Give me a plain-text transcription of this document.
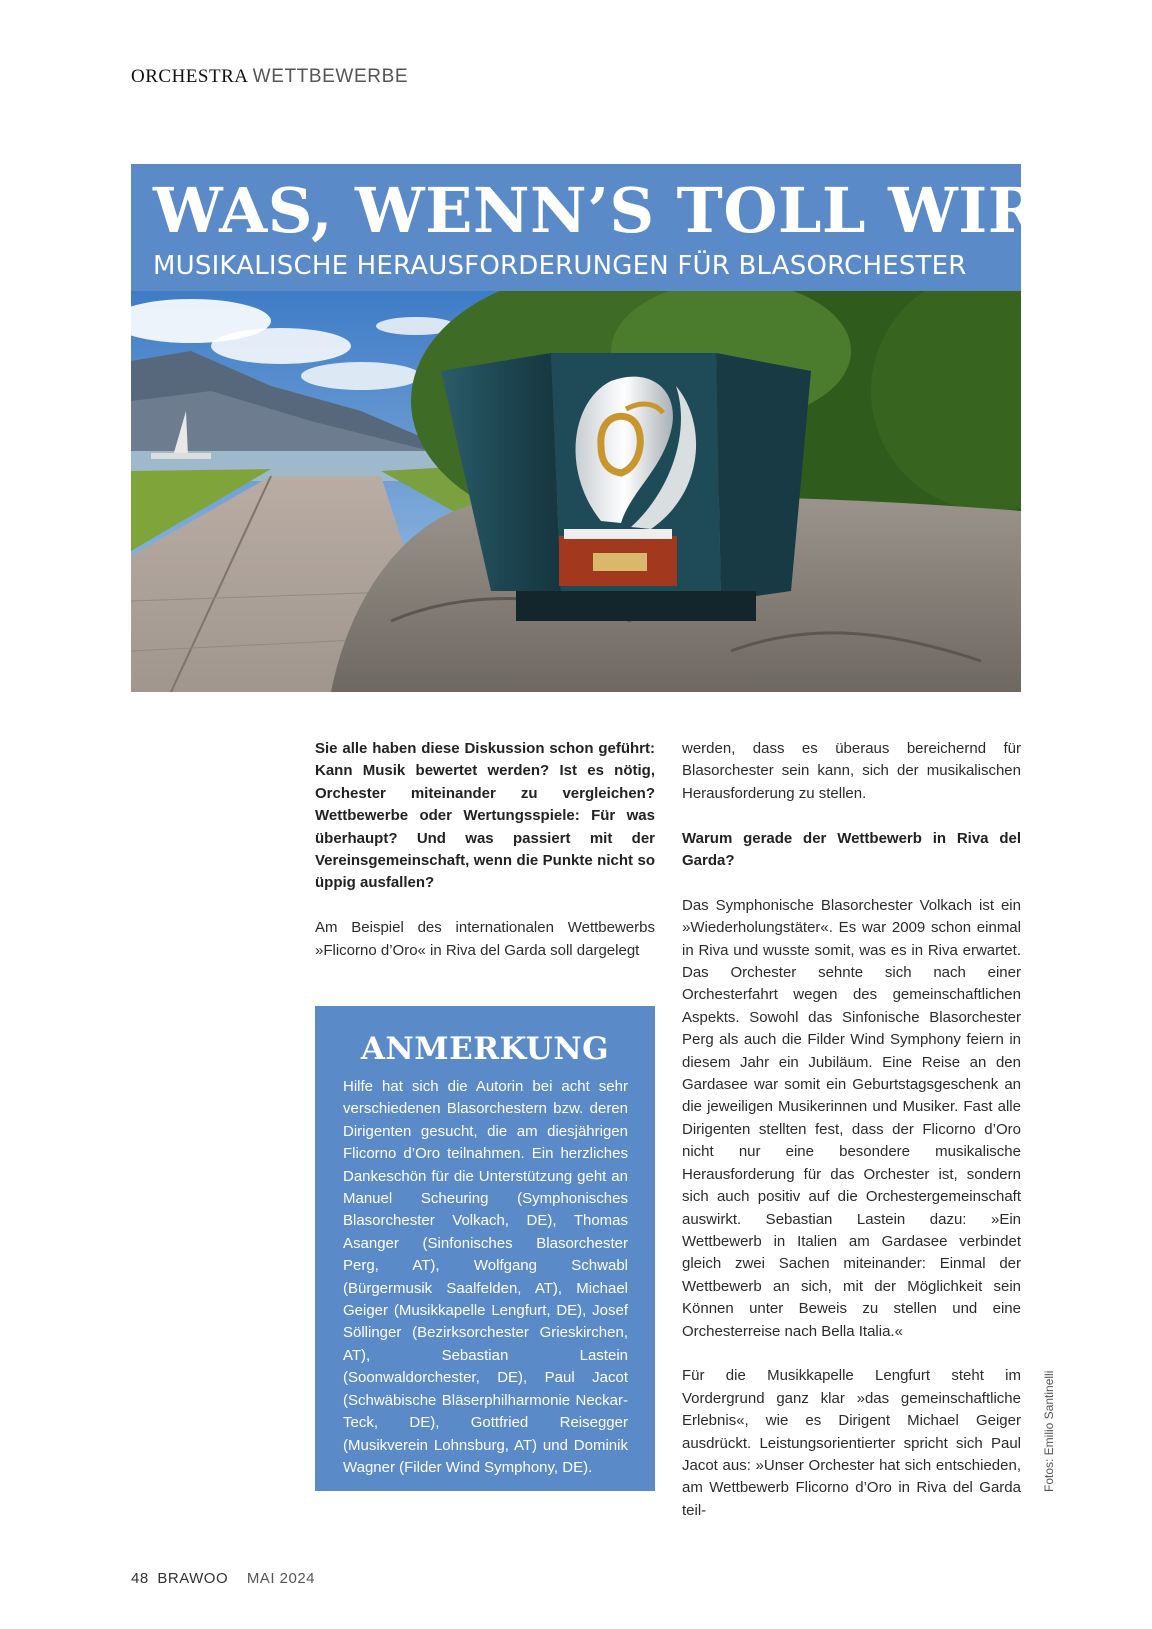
ORCHESTRA WETTBEWERBE
WAS, WENN’S TOLL WIRD?
MUSIKALISCHE HERAUSFORDERUNGEN FÜR BLASORCHESTER

Sie alle haben diese Diskussion schon geführt: Kann Musik bewertet werden? Ist es nötig, Orchester miteinander zu vergleichen? Wettbewerbe oder Wertungsspiele: Für was überhaupt? Und was passiert mit der Vereinsgemeinschaft, wenn die Punkte nicht so üppig ausfallen?

Am Beispiel des internationalen Wettbewerbs »Flicorno d’Oro« in Riva del Garda soll dargelegt

ANMERKUNG

Hilfe hat sich die Autorin bei acht sehr verschiedenen Blasorchestern bzw. deren Dirigenten gesucht, die am diesjährigen Flicorno d’Oro teilnahmen. Ein herzliches Dankeschön für die Unterstützung geht an Manuel Scheuring (Symphonisches Blasorchester Volkach, DE), Thomas Asanger (Sinfonisches Blasorchester Perg, AT), Wolfgang Schwabl (Bürgermusik Saalfelden, AT), Michael Geiger (Musikkapelle Lengfurt, DE), Josef Söllinger (Bezirksorchester Grieskirchen, AT), Sebastian Lastein (Soonwaldorchester, DE), Paul Jacot (Schwäbische Bläserphilharmonie Neckar-Teck, DE), Gottfried Reisegger (Musikverein Lohnsburg, AT) und Dominik Wagner (Filder Wind Symphony, DE).

werden, dass es überaus bereichernd für Blasorchester sein kann, sich der musikalischen Herausforderung zu stellen.

Warum gerade der Wettbewerb in Riva del Garda?

Das Symphonische Blasorchester Volkach ist ein »Wiederholungstäter«. Es war 2009 schon einmal in Riva und wusste somit, was es in Riva erwartet. Das Orchester sehnte sich nach einer Orchesterfahrt wegen des gemeinschaftlichen Aspekts. Sowohl das Sinfonische Blasorchester Perg als auch die Filder Wind Symphony feiern in diesem Jahr ein Jubiläum. Eine Reise an den Gardasee war somit ein Geburtstagsgeschenk an die jeweiligen Musikerinnen und Musiker. Fast alle Dirigenten stellten fest, dass der Flicorno d’Oro nicht nur eine besondere musikalische Herausforderung für das Orchester ist, sondern sich auch positiv auf die Orchestergemeinschaft auswirkt. Sebastian Lastein dazu: »Ein Wettbewerb in Italien am Gardasee verbindet gleich zwei Sachen miteinander: Einmal der Wettbewerb an sich, mit der Möglichkeit sein Können unter Beweis zu stellen und eine Orchesterreise nach Bella Italia.«

Für die Musikkapelle Lengfurt steht im Vordergrund ganz klar »das gemeinschaftliche Erlebnis«, wie es Dirigent Michael Geiger ausdrückt. Leistungsorientierter spricht sich Paul Jacot aus: »Unser Orchester hat sich entschieden, am Wettbewerb Flicorno d’Oro in Riva del Garda teil-

Fotos: Emilio Santinelli
48 BRAWOO MAI 2024
